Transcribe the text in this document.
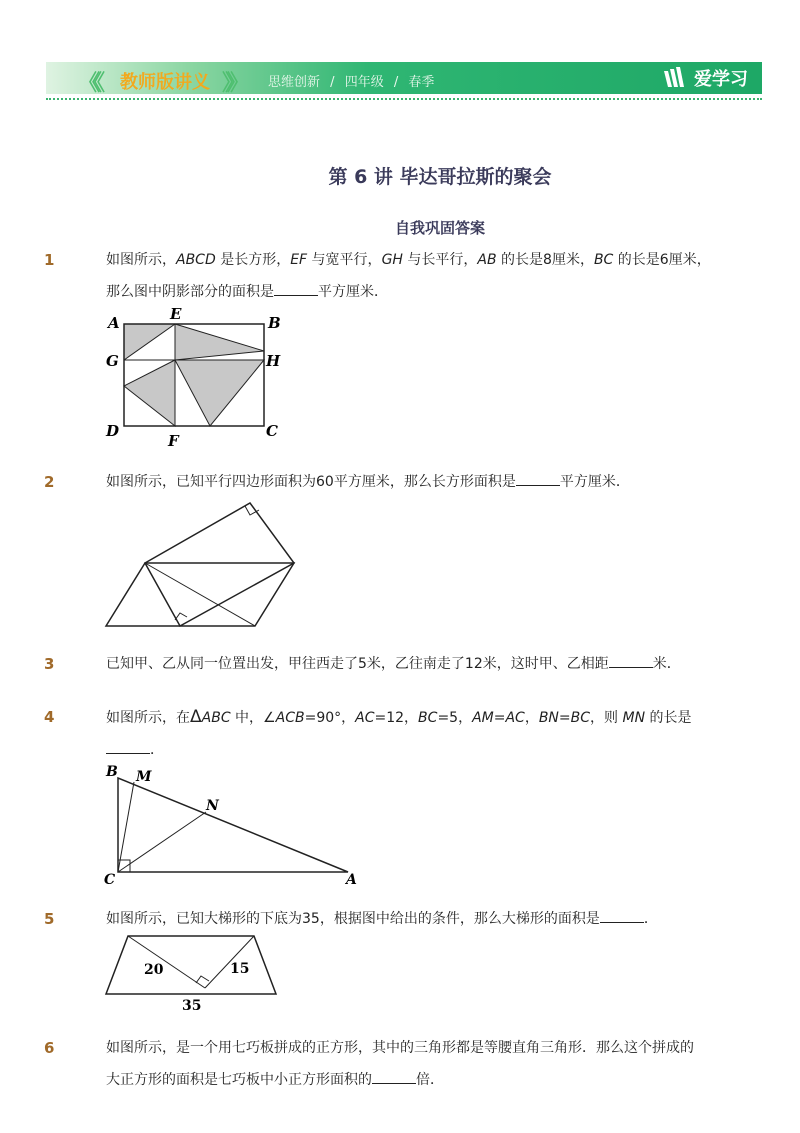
《《 教师版讲义 》》 思维创新 / 四年级 / 春季	爱学习
第 6 讲 毕达哥拉斯的聚会
自我巩固答案
1	如图所示，ABCD 是长方形，EF 与宽平行，GH 与长平行，AB 的长是8厘米，BC 的长是6厘米，
那么图中阴影部分的面积是	平方厘米．
A	E	B
G	H
D
F
C
2	如图所示，已知平行四边形面积为60平方厘米，那么长方形面积是	平方厘米．
3	已知甲、乙从同一位置出发，甲往西走了5米，乙往南走了12米，这时甲、乙相距	米．
4	如图所示，在ΔABC 中，∠ACB=90°，AC=12，BC=5，AM=AC，BN=BC，则 MN 的长是
．
B M
N
C	A
5	如图所示，已知大梯形的下底为35，根据图中给出的条件，那么大梯形的面积是	．
20	15
35
6	如图所示，是一个用七巧板拼成的正方形，其中的三角形都是等腰直角三角形．那么这个拼成的
大正方形的面积是七巧板中小正方形面积的	倍．
